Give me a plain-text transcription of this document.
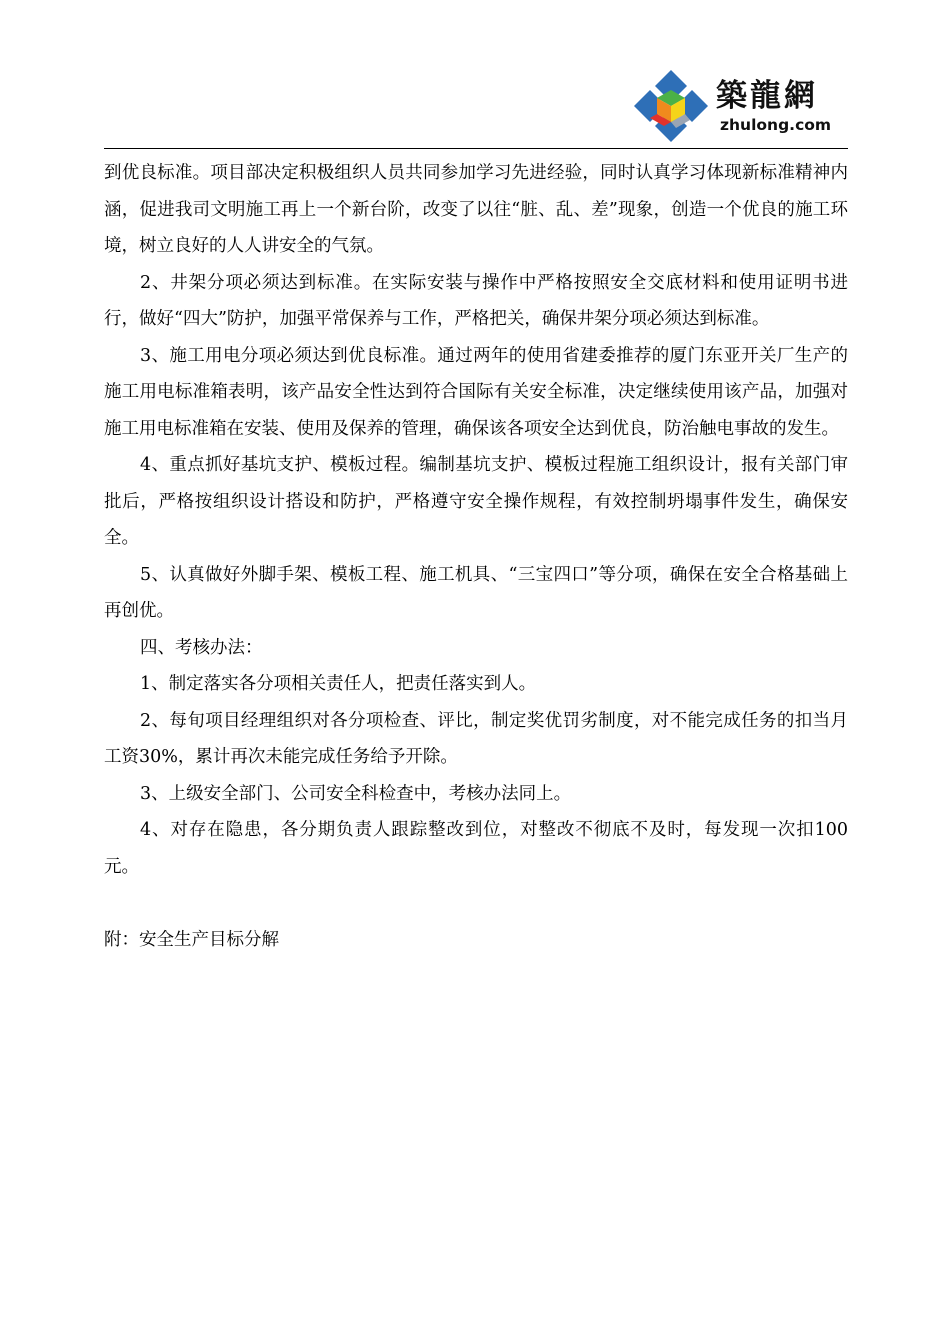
築龍網
zhulong.com

到优良标准。项目部决定积极组织人员共同参加学习先进经验，同时认真学习体现新标准精神内涵，促进我司文明施工再上一个新台阶，改变了以往“脏、乱、差”现象，创造一个优良的施工环境，树立良好的人人讲安全的气氛。

2、井架分项必须达到标准。在实际安装与操作中严格按照安全交底材料和使用证明书进行，做好“四大”防护，加强平常保养与工作，严格把关，确保井架分项必须达到标准。

3、施工用电分项必须达到优良标准。通过两年的使用省建委推荐的厦门东亚开关厂生产的施工用电标准箱表明，该产品安全性达到符合国际有关安全标准，决定继续使用该产品，加强对施工用电标准箱在安装、使用及保养的管理，确保该各项安全达到优良，防治触电事故的发生。

4、重点抓好基坑支护、模板过程。编制基坑支护、模板过程施工组织设计，报有关部门审批后，严格按组织设计搭设和防护，严格遵守安全操作规程，有效控制坍塌事件发生，确保安全。

5、认真做好外脚手架、模板工程、施工机具、“三宝四口”等分项，确保在安全合格基础上再创优。

四、考核办法：

1、制定落实各分项相关责任人，把责任落实到人。

2、每旬项目经理组织对各分项检查、评比，制定奖优罚劣制度，对不能完成任务的扣当月工资30%，累计再次未能完成任务给予开除。

3、上级安全部门、公司安全科检查中，考核办法同上。

4、对存在隐患，各分期负责人跟踪整改到位，对整改不彻底不及时，每发现一次扣100元。

附：安全生产目标分解
